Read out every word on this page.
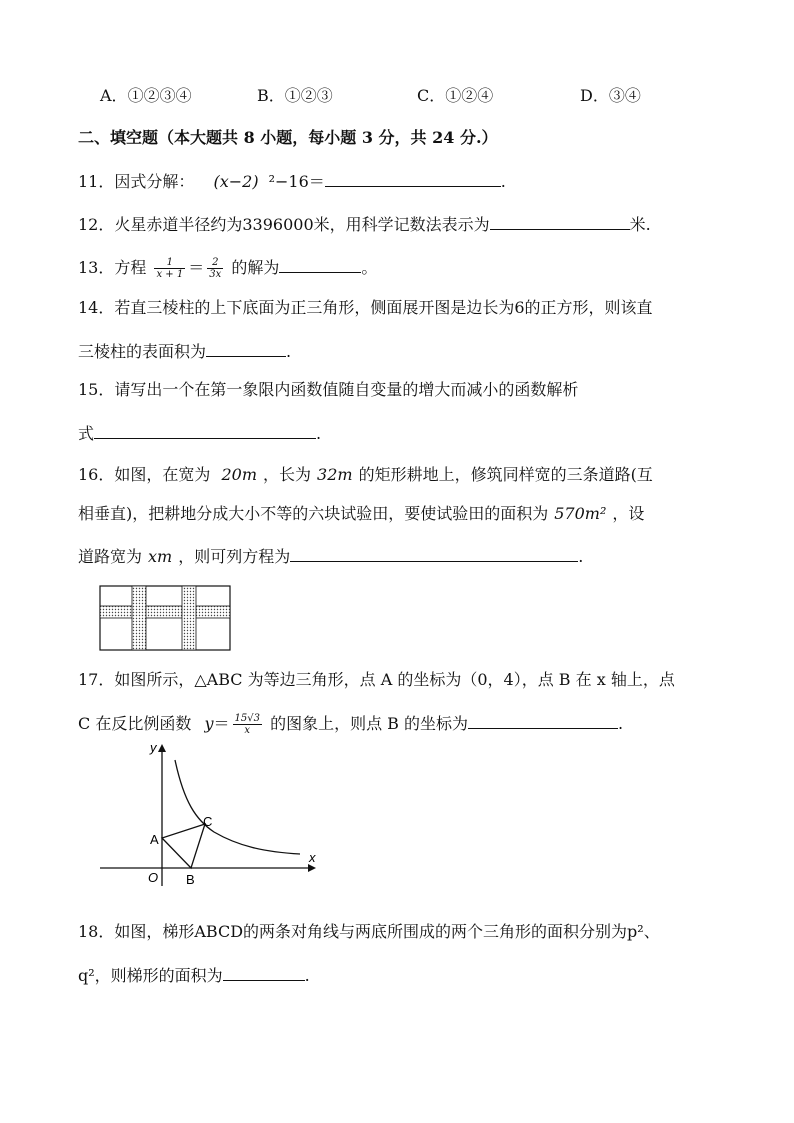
A．①②③④	B．①②③	C．①②④	D．③④
二、填空题（本大题共 8 小题，每小题 3 分，共 24 分.）
11．因式分解： (x−2) ²−16＝	.
12．火星赤道半径约为3396000米，用科学记数法表示为	米.
13．方程 $\frac{1}{x + 1} = \frac{2}{3x}$ 的解为	。
14．若直三棱柱的上下底面为正三角形，侧面展开图是边长为6的正方形，则该直
三棱柱的表面积为	.
15．请写出一个在第一象限内函数值随自变量的增大而减小的函数解析
式	.
16．如图，在宽为 20m ，长为 32m 的矩形耕地上，修筑同样宽的三条道路(互
相垂直)，把耕地分成大小不等的六块试验田，要使试验田的面积为 570m² ，设
道路宽为 xm ，则可列方程为	.
17．如图所示，△ABC 为等边三角形，点 A 的坐标为（0，4），点 B 在 x 轴上，点
C 在反比例函数 $y= \frac{15√3}{x}$ 的图象上，则点 B 的坐标为	.
y
x
O
A
B
C
18．如图，梯形ABCD的两条对角线与两底所围成的两个三角形的面积分别为p²、
q²，则梯形的面积为	.
